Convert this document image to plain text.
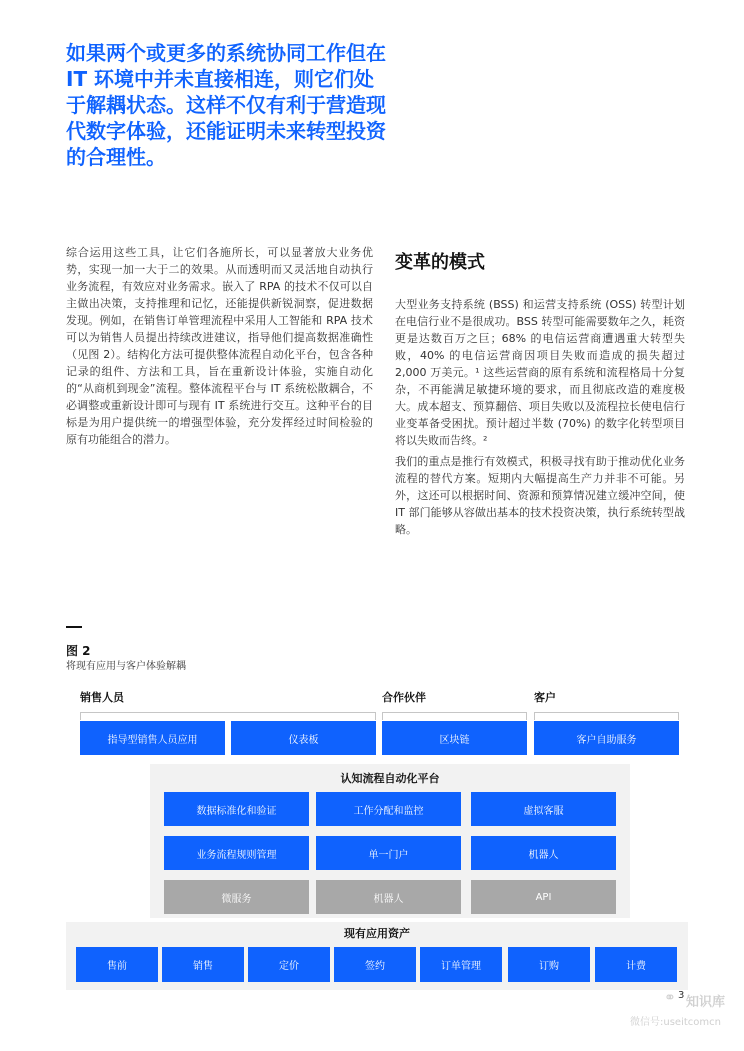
如果两个或更多的系统协同工作但在IT 环境中并未直接相连，则它们处于解耦状态。这样不仅有利于营造现代数字体验，还能证明未来转型投资的合理性。
综合运用这些工具，让它们各施所长，可以显著放大业务优势，实现一加一大于二的效果。从而透明而又灵活地自动执行业务流程，有效应对业务需求。嵌入了 RPA 的技术不仅可以自主做出决策，支持推理和记忆，还能提供新锐洞察，促进数据发现。例如，在销售订单管理流程中采用人工智能和 RPA 技术可以为销售人员提出持续改进建议，指导他们提高数据准确性（见图 2）。结构化方法可提供整体流程自动化平台，包含各种记录的组件、方法和工具，旨在重新设计体验，实施自动化的“从商机到现金”流程。整体流程平台与 IT 系统松散耦合，不必调整或重新设计即可与现有 IT 系统进行交互。这种平台的目标是为用户提供统一的增强型体验，充分发挥经过时间检验的原有功能组合的潜力。
变革的模式
大型业务支持系统 (BSS) 和运营支持系统 (OSS) 转型计划在电信行业不是很成功。BSS 转型可能需要数年之久，耗资更是达数百万之巨；68% 的电信运营商遭遇重大转型失败，40% 的电信运营商因项目失败而造成的损失超过 2,000 万美元。¹ 这些运营商的原有系统和流程格局十分复杂，不再能满足敏捷环境的要求，而且彻底改造的难度极大。成本超支、预算翻倍、项目失败以及流程拉长使电信行业变革备受困扰。预计超过半数 (70%) 的数字化转型项目将以失败而告终。²
我们的重点是推行有效模式，积极寻找有助于推动优化业务流程的替代方案。短期内大幅提高生产力并非不可能。另外，这还可以根据时间、资源和预算情况建立缓冲空间，使 IT 部门能够从容做出基本的技术投资决策，执行系统转型战略。
图 2
将现有应用与客户体验解耦
销售人员	合作伙伴	客户
指导型销售人员应用	仪表板	区块链	客户自助服务
认知流程自动化平台
数据标准化和验证	工作分配和监控	虚拟客服
业务流程规则管理	单一门户	机器人
微服务	机器人	API
现有应用资产
售前	销售	定价	签约	订单管理	订购	计费
⚭ 3 知识库
微信号:useitcomcn
